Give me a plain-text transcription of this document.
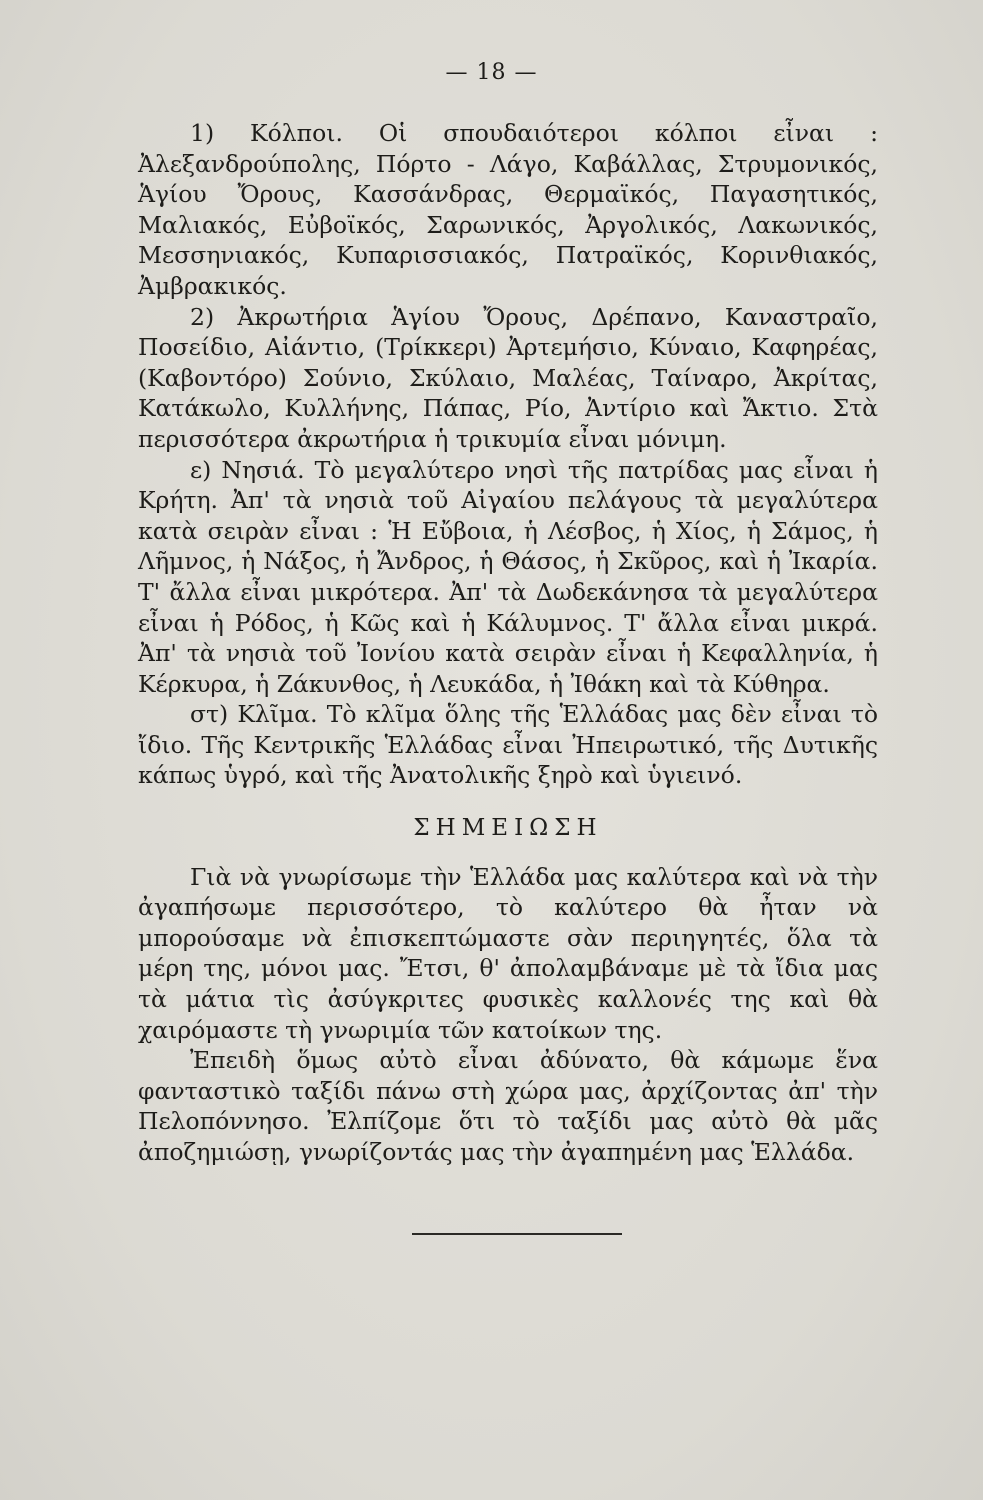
— 18 —

1) Κόλποι. Οἱ σπουδαιότεροι κόλποι εἶναι : Ἀλεξανδρούπολης, Πόρτο - Λάγο, Καβάλλας, Στρυμονικός, Ἁγίου Ὄρους, Κασσάνδρας, Θερμαϊκός, Παγασητικός, Μαλιακός, Εὐβοϊκός, Σαρωνικός, Ἀργολικός, Λακωνικός, Μεσσηνιακός, Κυπαρισσιακός, Πατραϊκός, Κορινθιακός, Ἀμβρακικός.

2) Ἀκρωτήρια Ἁγίου Ὄρους, Δρέπανο, Καναστραῖο, Ποσείδιο, Αἰάντιο, (Τρίκκερι) Ἀρτεμήσιο, Κύναιο, Καφηρέας, (Καβοντόρο) Σούνιο, Σκύλαιο, Μαλέας, Ταίναρο, Ἀκρίτας, Κατάκωλο, Κυλλήνης, Πάπας, Ρίο, Ἀντίριο καὶ Ἄκτιο. Στὰ περισσότερα ἀκρωτήρια ἡ τρικυμία εἶναι μόνιμη.

ε) Νησιά. Τὸ μεγαλύτερο νησὶ τῆς πατρίδας μας εἶναι ἡ Κρήτη. Ἀπ' τὰ νησιὰ τοῦ Αἰγαίου πελάγους τὰ μεγαλύτερα κατὰ σειρὰν εἶναι : Ἡ Εὔβοια, ἡ Λέσβος, ἡ Χίος, ἡ Σάμος, ἡ Λῆμνος, ἡ Νάξος, ἡ Ἄνδρος, ἡ Θάσος, ἡ Σκῦρος, καὶ ἡ Ἰκαρία. Τ' ἄλλα εἶναι μικρότερα. Ἀπ' τὰ Δωδεκάνησα τὰ μεγαλύτερα εἶναι ἡ Ρόδος, ἡ Κῶς καὶ ἡ Κάλυμνος. Τ' ἄλλα εἶναι μικρά. Ἀπ' τὰ νησιὰ τοῦ Ἰονίου κατὰ σειρὰν εἶναι ἡ Κεφαλληνία, ἡ Κέρκυρα, ἡ Ζάκυνθος, ἡ Λευκάδα, ἡ Ἰθάκη καὶ τὰ Κύθηρα.

στ) Κλῖμα. Τὸ κλῖμα ὅλης τῆς Ἑλλάδας μας δὲν εἶναι τὸ ἴδιο. Τῆς Κεντρικῆς Ἑλλάδας εἶναι Ἠπειρωτικό, τῆς Δυτικῆς κάπως ὑγρό, καὶ τῆς Ἀνατολικῆς ξηρὸ καὶ ὑγιεινό.

ΣΗΜΕΙΩΣΗ

Γιὰ νὰ γνωρίσωμε τὴν Ἑλλάδα μας καλύτερα καὶ νὰ τὴν ἀγαπήσωμε περισσότερο, τὸ καλύτερο θὰ ἦταν νὰ μπορούσαμε νὰ ἐπισκεπτώμαστε σὰν περιηγητές, ὅλα τὰ μέρη της, μόνοι μας. Ἔτσι, θ' ἀπολαμβάναμε μὲ τὰ ἴδια μας τὰ μάτια τὶς ἀσύγκριτες φυσικὲς καλλονές της καὶ θὰ χαιρόμαστε τὴ γνωριμία τῶν κατοίκων της.

Ἐπειδὴ ὅμως αὐτὸ εἶναι ἀδύνατο, θὰ κάμωμε ἕνα φανταστικὸ ταξίδι πάνω στὴ χώρα μας, ἀρχίζοντας ἀπ' τὴν Πελοπόννησο. Ἐλπίζομε ὅτι τὸ ταξίδι μας αὐτὸ θὰ μᾶς ἀποζημιώσῃ, γνωρίζοντάς μας τὴν ἀγαπημένη μας Ἑλλάδα.
